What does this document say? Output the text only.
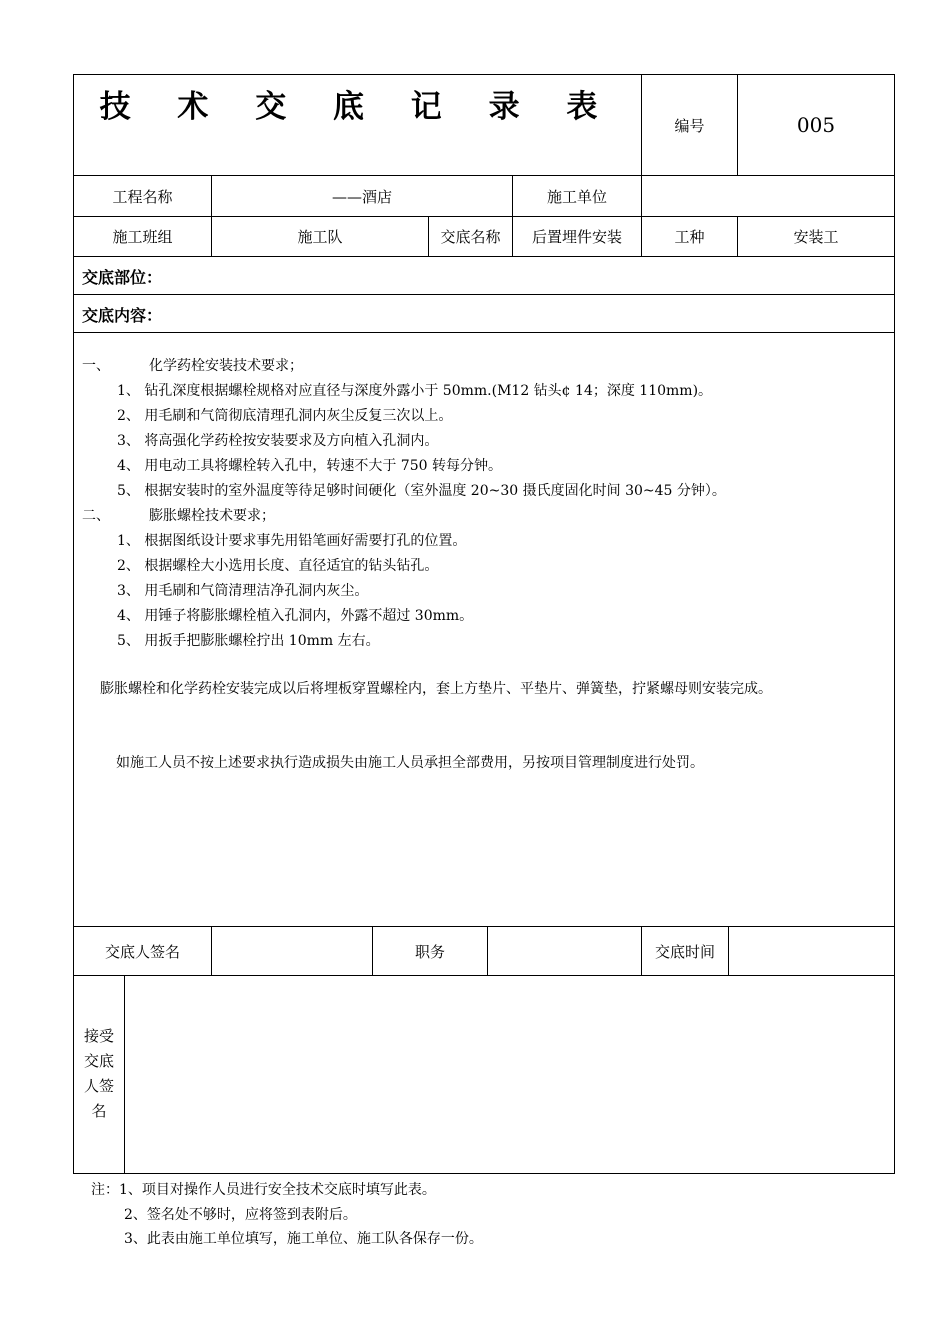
技 术 交 底 记 录 表
编号	005
工程名称	——酒店	施工单位
施工班组	施工队	交底名称	后置埋件安装	工种	安装工
交底部位：
交底内容：
一、	化学药栓安装技术要求；
1、 钻孔深度根据螺栓规格对应直径与深度外露小于 50mm.(M12 钻头¢ 14；深度 110mm)。
2、 用毛刷和气筒彻底清理孔洞内灰尘反复三次以上。
3、 将高强化学药栓按安装要求及方向植入孔洞内。
4、 用电动工具将螺栓转入孔中，转速不大于 750 转每分钟。
5、 根据安装时的室外温度等待足够时间硬化（室外温度 20~30 摄氏度固化时间 30~45 分钟）。
二、	膨胀螺栓技术要求；
1、 根据图纸设计要求事先用铅笔画好需要打孔的位置。
2、 根据螺栓大小选用长度、直径适宜的钻头钻孔。
3、 用毛刷和气筒清理洁净孔洞内灰尘。
4、 用锤子将膨胀螺栓植入孔洞内，外露不超过 30mm。
5、 用扳手把膨胀螺栓拧出 10mm 左右。
膨胀螺栓和化学药栓安装完成以后将埋板穿置螺栓内，套上方垫片、平垫片、弹簧垫，拧紧螺母则安装完成。
如施工人员不按上述要求执行造成损失由施工人员承担全部费用，另按项目管理制度进行处罚。
交底人签名	职务	交底时间
接受交底人签名
注：1、项目对操作人员进行安全技术交底时填写此表。
2、签名处不够时，应将签到表附后。
3、此表由施工单位填写，施工单位、施工队各保存一份。
